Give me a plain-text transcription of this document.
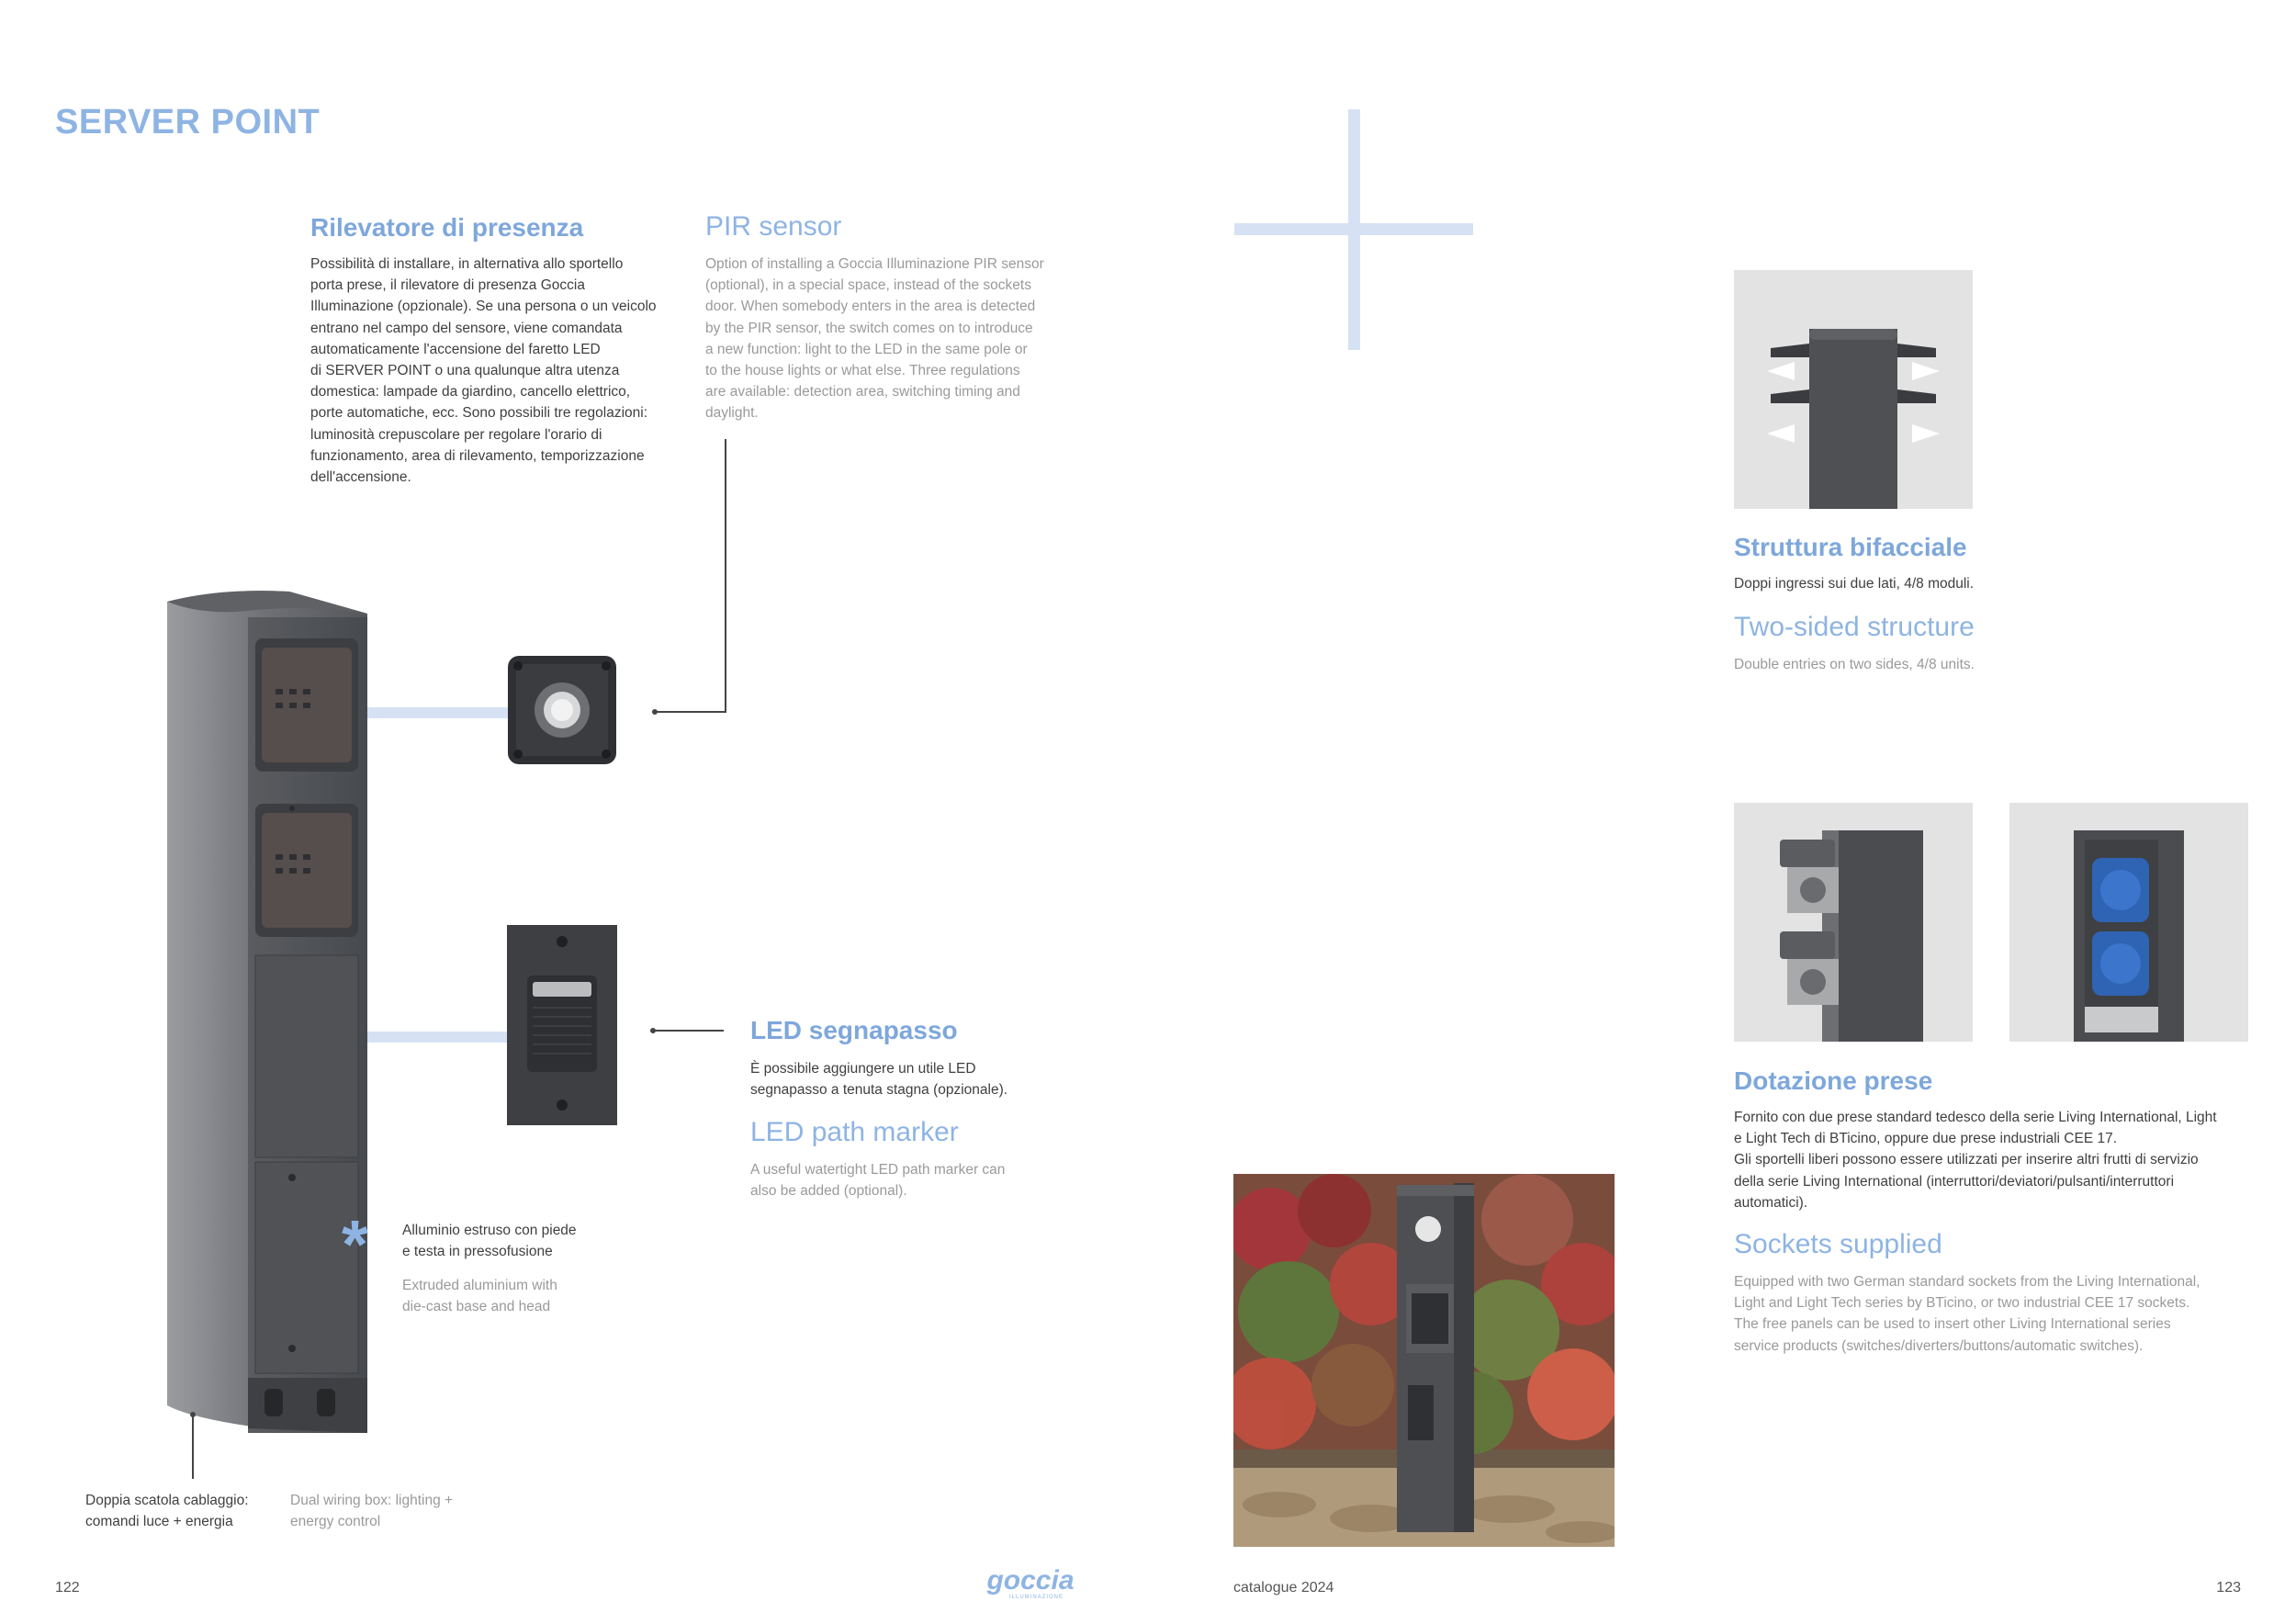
SERVER POINT
Rilevatore di presenza
Possibilità di installare, in alternativa allo sportello
porta prese, il rilevatore di presenza Goccia
Illuminazione (opzionale). Se una persona o un veicolo
entrano nel campo del sensore, viene comandata
automaticamente l'accensione del faretto LED
di SERVER POINT o una qualunque altra utenza
domestica: lampade da giardino, cancello elettrico,
porte automatiche, ecc. Sono possibili tre regolazioni:
luminosità crepuscolare per regolare l'orario di
funzionamento, area di rilevamento, temporizzazione
dell'accensione.
PIR sensor
Option of installing a Goccia Illuminazione PIR sensor
(optional), in a special space, instead of the sockets
door. When somebody enters in the area is detected
by the PIR sensor, the switch comes on to introduce
a new function: light to the LED in the same pole or
to the house lights or what else. Three regulations
are available: detection area, switching timing and
daylight.
LED segnapasso
È possibile aggiungere un utile LED
segnapasso a tenuta stagna (opzionale).
LED path marker
A useful watertight LED path marker can
also be added (optional).
* Alluminio estruso con piede
e testa in pressofusione
Extruded aluminium with
die-cast base and head
Doppia scatola cablaggio:
comandi luce + energia
Dual wiring box: lighting +
energy control
122	goccia
ILLUMINAZIONE
Struttura bifacciale
Doppi ingressi sui due lati, 4/8 moduli.
Two-sided structure
Double entries on two sides, 4/8 units.
Dotazione prese
Fornito con due prese standard tedesco della serie Living International, Light
e Light Tech di BTicino, oppure due prese industriali CEE 17.
Gli sportelli liberi possono essere utilizzati per inserire altri frutti di servizio
della serie Living International (interruttori/deviatori/pulsanti/interruttori
automatici).
Sockets supplied
Equipped with two German standard sockets from the Living International,
Light and Light Tech series by BTicino, or two industrial CEE 17 sockets.
The free panels can be used to insert other Living International series
service products (switches/diverters/buttons/automatic switches).
catalogue 2024	123
